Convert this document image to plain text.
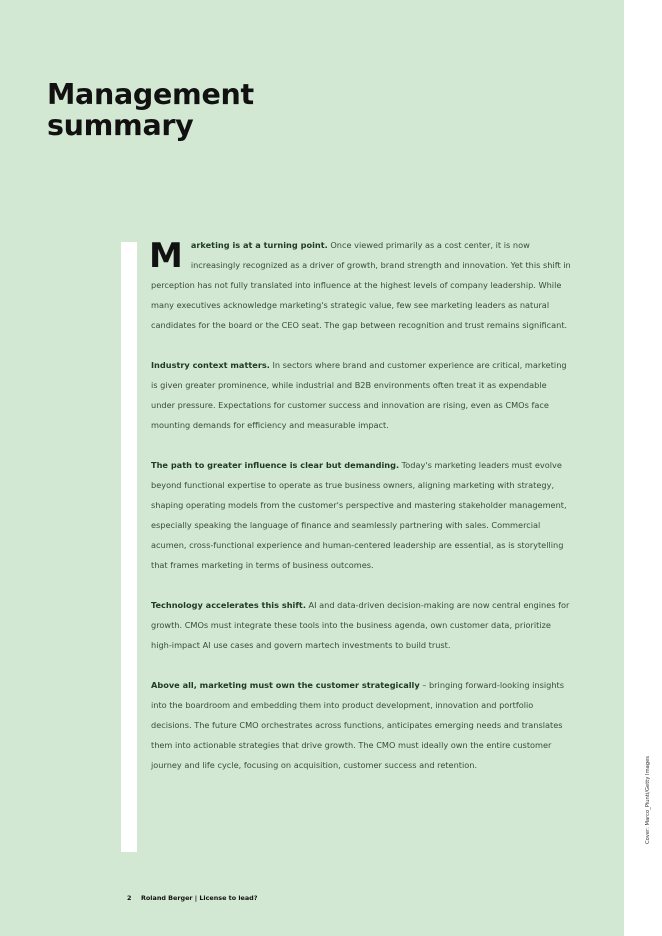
Management
summary

Marketing is at a turning point. Once viewed primarily as a cost center, it is now increasingly recognized as a driver of growth, brand strength and innovation. Yet this shift in perception has not fully translated into influence at the highest levels of company leadership. While many executives acknowledge marketing's strategic value, few see marketing leaders as natural candidates for the board or the CEO seat. The gap between recognition and trust remains significant.

Industry context matters. In sectors where brand and customer experience are critical, marketing is given greater prominence, while industrial and B2B environments often treat it as expendable under pressure. Expectations for customer success and innovation are rising, even as CMOs face mounting demands for efficiency and measurable impact.

The path to greater influence is clear but demanding. Today's marketing leaders must evolve beyond functional expertise to operate as true business owners, aligning marketing with strategy, shaping operating models from the customer's perspective and mastering stakeholder management, especially speaking the language of finance and seamlessly partnering with sales. Commercial acumen, cross-functional experience and human-centered leadership are essential, as is storytelling that frames marketing in terms of business outcomes.

Technology accelerates this shift. AI and data-driven decision-making are now central engines for growth. CMOs must integrate these tools into the business agenda, own customer data, prioritize high-impact AI use cases and govern martech investments to build trust.

Above all, marketing must own the customer strategically – bringing forward-looking insights into the boardroom and embedding them into product development, innovation and portfolio decisions. The future CMO orchestrates across functions, anticipates emerging needs and translates them into actionable strategies that drive growth. The CMO must ideally own the entire customer journey and life cycle, focusing on acquisition, customer success and retention.

2 Roland Berger | License to lead?
Cover: Marco_Piunti/Getty Images
